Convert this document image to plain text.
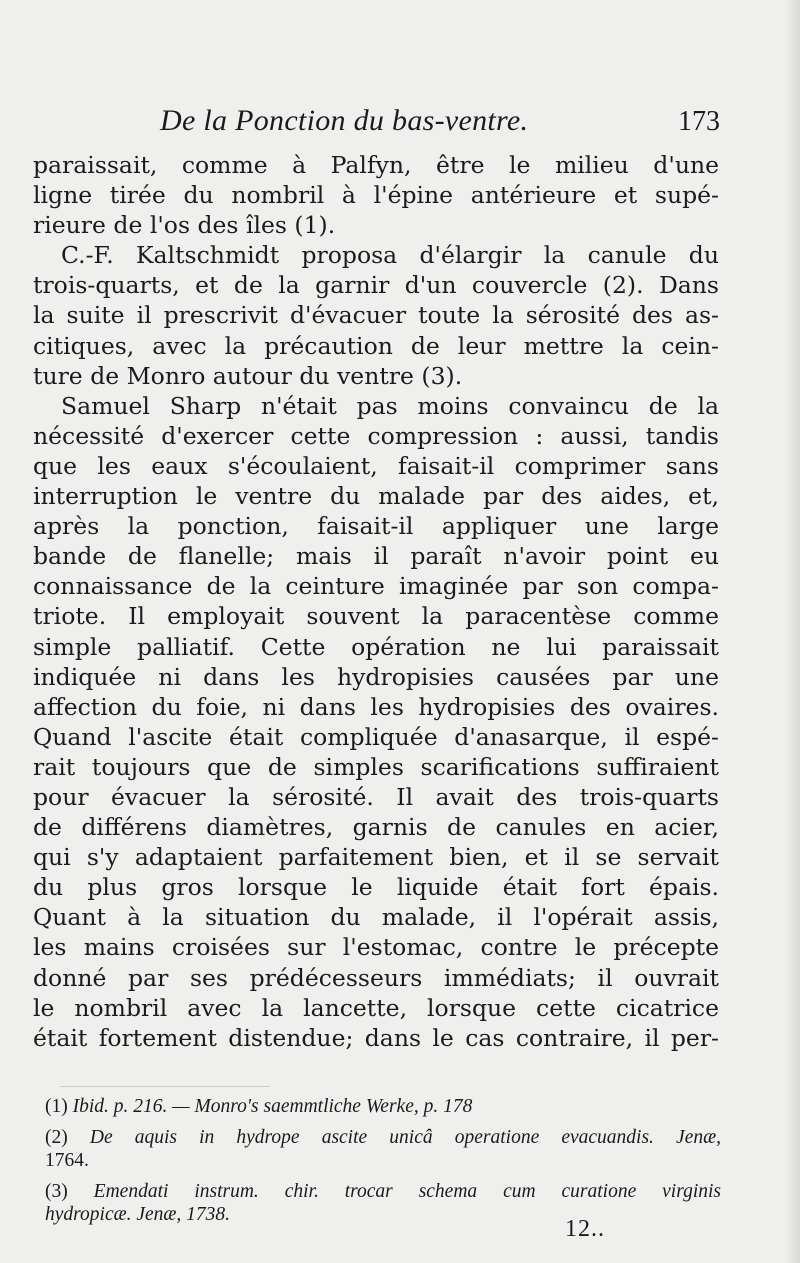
De la Ponction du bas-ventre.	173
paraissait, comme à Palfyn, être le milieu d'une
ligne tirée du nombril à l'épine antérieure et supé-
rieure de l'os des îles (1).
C.-F. Kaltschmidt proposa d'élargir la canule du
trois-quarts, et de la garnir d'un couvercle (2). Dans
la suite il prescrivit d'évacuer toute la sérosité des as-
citiques, avec la précaution de leur mettre la cein-
ture de Monro autour du ventre (3).
Samuel Sharp n'était pas moins convaincu de la
nécessité d'exercer cette compression : aussi, tandis
que les eaux s'écoulaient, faisait-il comprimer sans
interruption le ventre du malade par des aides, et,
après la ponction, faisait-il appliquer une large
bande de flanelle; mais il paraît n'avoir point eu
connaissance de la ceinture imaginée par son compa-
triote. Il employait souvent la paracentèse comme
simple palliatif. Cette opération ne lui paraissait
indiquée ni dans les hydropisies causées par une
affection du foie, ni dans les hydropisies des ovaires.
Quand l'ascite était compliquée d'anasarque, il espé-
rait toujours que de simples scarifications suffiraient
pour évacuer la sérosité. Il avait des trois-quarts
de différens diamètres, garnis de canules en acier,
qui s'y adaptaient parfaitement bien, et il se servait
du plus gros lorsque le liquide était fort épais.
Quant à la situation du malade, il l'opérait assis,
les mains croisées sur l'estomac, contre le précepte
donné par ses prédécesseurs immédiats; il ouvrait
le nombril avec la lancette, lorsque cette cicatrice
était fortement distendue; dans le cas contraire, il per-
(1) Ibid. p. 216. — Monro's saemmtliche Werke, p. 178
(2) De aquis in hydrope ascite unicâ operatione evacuandis. Jenæ,
1764.
(3) Emendati instrum. chir. trocar schema cum curatione virginis
hydropicæ. Jenæ, 1738.
12..
